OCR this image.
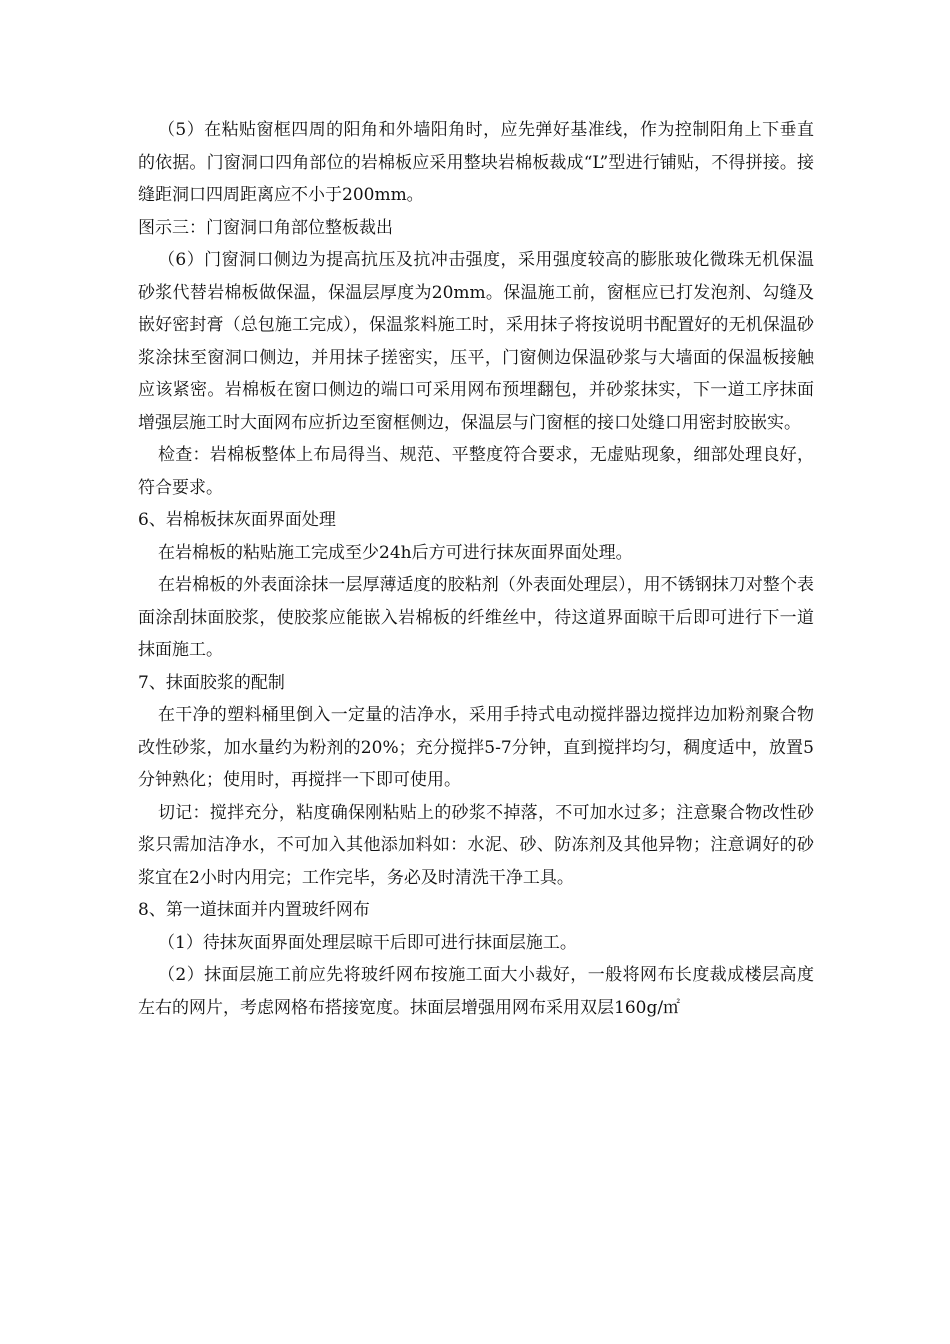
（5）在粘贴窗框四周的阳角和外墙阳角时，应先弹好基准线，作为控制阳角上下垂直的依据。门窗洞口四角部位的岩棉板应采用整块岩棉板裁成“L”型进行铺贴，不得拼接。接缝距洞口四周距离应不小于200mm。

图示三：门窗洞口角部位整板裁出

（6）门窗洞口侧边为提高抗压及抗冲击强度，采用强度较高的膨胀玻化微珠无机保温砂浆代替岩棉板做保温，保温层厚度为20mm。保温施工前，窗框应已打发泡剂、勾缝及嵌好密封膏（总包施工完成），保温浆料施工时，采用抹子将按说明书配置好的无机保温砂浆涂抹至窗洞口侧边，并用抹子搓密实，压平，门窗侧边保温砂浆与大墙面的保温板接触应该紧密。岩棉板在窗口侧边的端口可采用网布预埋翻包，并砂浆抹实，下一道工序抹面增强层施工时大面网布应折边至窗框侧边，保温层与门窗框的接口处缝口用密封胶嵌实。

检查：岩棉板整体上布局得当、规范、平整度符合要求，无虚贴现象，细部处理良好，符合要求。

6、岩棉板抹灰面界面处理

在岩棉板的粘贴施工完成至少24h后方可进行抹灰面界面处理。

在岩棉板的外表面涂抹一层厚薄适度的胶粘剂（外表面处理层），用不锈钢抹刀对整个表面涂刮抹面胶浆，使胶浆应能嵌入岩棉板的纤维丝中，待这道界面晾干后即可进行下一道抹面施工。

7、抹面胶浆的配制

在干净的塑料桶里倒入一定量的洁净水，采用手持式电动搅拌器边搅拌边加粉剂聚合物改性砂浆，加水量约为粉剂的20%；充分搅拌5-7分钟，直到搅拌均匀，稠度适中，放置5分钟熟化；使用时，再搅拌一下即可使用。

切记：搅拌充分，粘度确保刚粘贴上的砂浆不掉落，不可加水过多；注意聚合物改性砂浆只需加洁净水，不可加入其他添加料如：水泥、砂、防冻剂及其他异物；注意调好的砂浆宜在2小时内用完；工作完毕，务必及时清洗干净工具。

8、第一道抹面并内置玻纤网布

（1）待抹灰面界面处理层晾干后即可进行抹面层施工。

（2）抹面层施工前应先将玻纤网布按施工面大小裁好，一般将网布长度裁成楼层高度左右的网片，考虑网格布搭接宽度。抹面层增强用网布采用双层160g/㎡
